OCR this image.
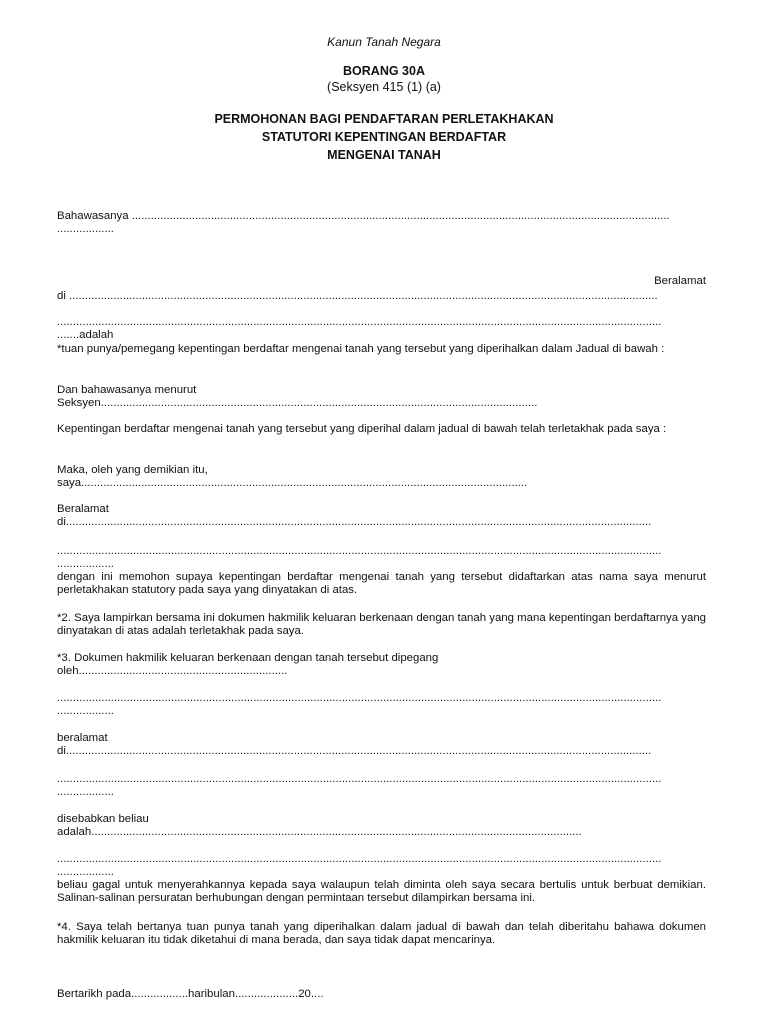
Kanun Tanah Negara
BORANG 30A
(Seksyen 415 (1) (a)
PERMOHONAN BAGI PENDAFTARAN PERLETAKHAKAN
STATUTORI KEPENTINGAN BERDAFTAR
MENGENAI TANAH
Bahawasanya ..........................................................................................................................................................................
..................
Beralamat
di ..........................................................................................................................................................................................
...............................................................................................................................................................................................
.......adalah
*tuan punya/pemegang kepentingan berdaftar mengenai tanah yang tersebut yang diperihalkan dalam Jadual di bawah :
Dan bahawasanya menurut
Seksyen..........................................................................................................................................
Kepentingan berdaftar mengenai tanah yang tersebut yang diperihal dalam jadual di bawah telah terletakhak pada saya :
Maka, oleh yang demikian itu,
saya.............................................................................................................................................
Beralamat
di.........................................................................................................................................................................................
...............................................................................................................................................................................................
..................
dengan ini memohon supaya kepentingan berdaftar mengenai tanah yang tersebut didaftarkan atas nama saya menurut perletakhakan statutory pada saya yang dinyatakan di atas.
*2. Saya lampirkan bersama ini dokumen hakmilik keluaran berkenaan dengan tanah yang mana kepentingan berdaftarnya yang dinyatakan di atas adalah terletakhak pada saya.
*3. Dokumen hakmilik keluaran berkenaan dengan tanah tersebut dipegang
oleh..................................................................
...............................................................................................................................................................................................
..................
beralamat
di.........................................................................................................................................................................................
...............................................................................................................................................................................................
..................
disebabkan beliau
adalah...........................................................................................................................................................
...............................................................................................................................................................................................
..................
beliau gagal untuk menyerahkannya kepada saya walaupun telah diminta oleh saya secara bertulis untuk berbuat demikian. Salinan-salinan persuratan berhubungan dengan permintaan tersebut dilampirkan bersama ini.
*4. Saya telah bertanya tuan punya tanah yang diperihalkan dalam jadual di bawah dan telah diberitahu bahawa dokumen hakmilik keluaran itu tidak diketahui di mana berada, dan saya tidak dapat mencarinya.
Bertarikh pada..................haribulan....................20....
